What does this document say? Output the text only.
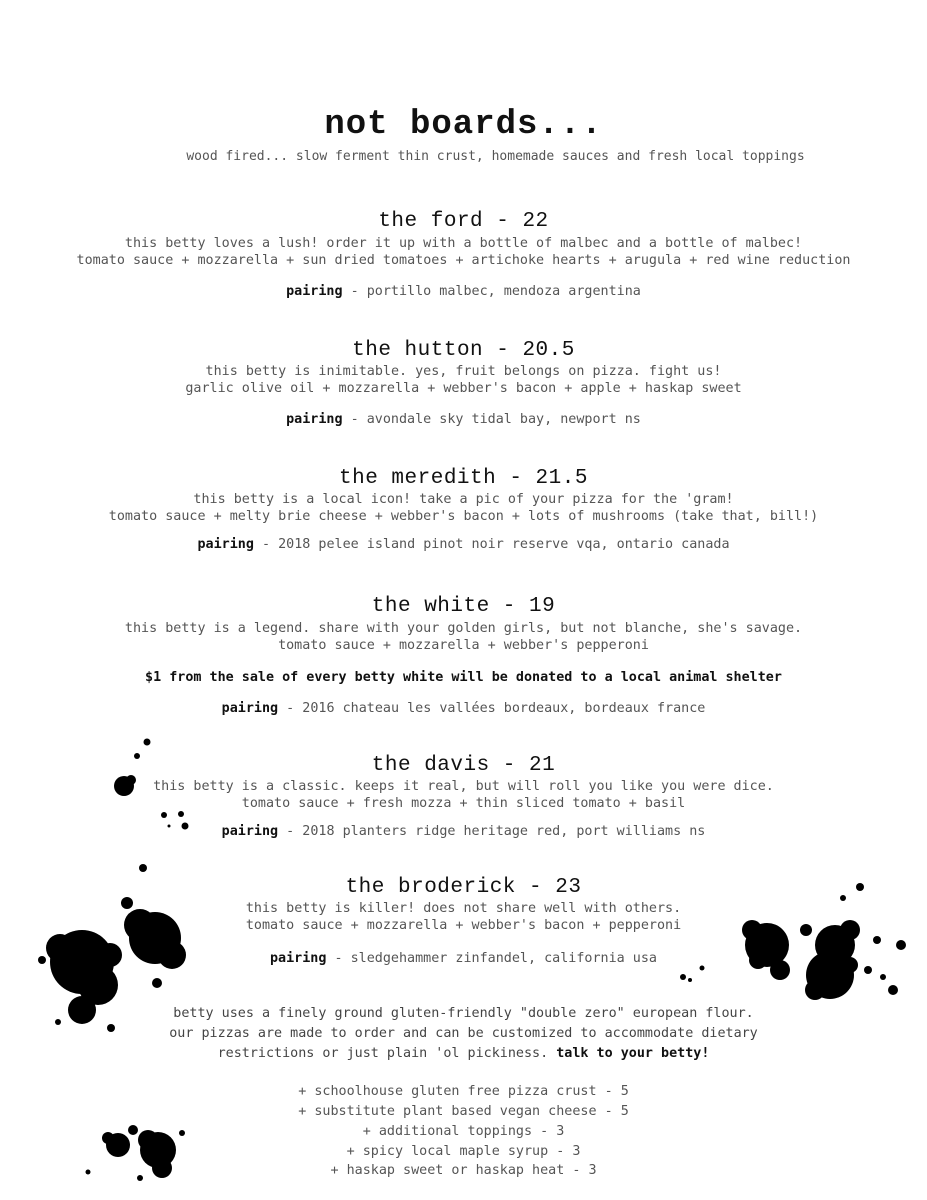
not boards...
wood fired... slow ferment thin crust, homemade sauces and fresh local toppings
the ford - 22
this betty loves a lush! order it up with a bottle of malbec and a bottle of malbec!
tomato sauce + mozzarella + sun dried tomatoes + artichoke hearts + arugula + red wine reduction
pairing - portillo malbec, mendoza argentina
the hutton - 20.5
this betty is inimitable. yes, fruit belongs on pizza. fight us!
garlic olive oil + mozzarella + webber's bacon + apple + haskap sweet
pairing - avondale sky tidal bay, newport ns
the meredith - 21.5
this betty is a local icon! take a pic of your pizza for the 'gram!
tomato sauce + melty brie cheese + webber's bacon + lots of mushrooms (take that, bill!)
pairing - 2018 pelee island pinot noir reserve vqa, ontario canada
the white - 19
this betty is a legend. share with your golden girls, but not blanche, she's savage.
tomato sauce + mozzarella + webber's pepperoni
$1 from the sale of every betty white will be donated to a local animal shelter
pairing - 2016 chateau les vallées bordeaux, bordeaux france
the davis - 21
this betty is a classic. keeps it real, but will roll you like you were dice.
tomato sauce + fresh mozza + thin sliced tomato + basil
pairing - 2018 planters ridge heritage red, port williams ns
the broderick - 23
this betty is killer! does not share well with others.
tomato sauce + mozzarella + webber's bacon + pepperoni
pairing - sledgehammer zinfandel, california usa
betty uses a finely ground gluten-friendly "double zero" european flour.
our pizzas are made to order and can be customized to accommodate dietary
restrictions or just plain 'ol pickiness. talk to your betty!
+ schoolhouse gluten free pizza crust - 5
+ substitute plant based vegan cheese - 5
+ additional toppings - 3
+ spicy local maple syrup - 3
+ haskap sweet or haskap heat - 3
